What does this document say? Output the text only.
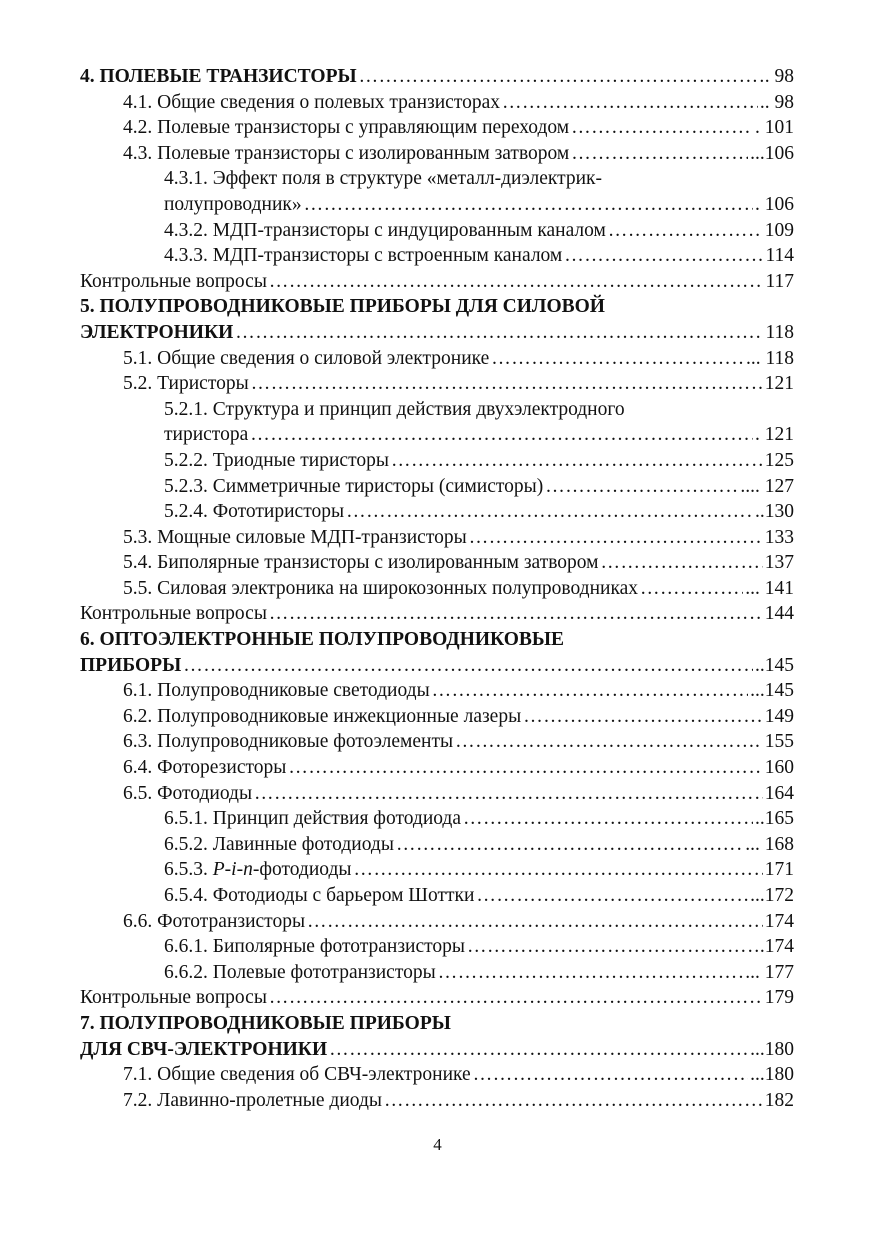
4. ПОЛЕВЫЕ ТРАНЗИСТОРЫ …………………………………………………………………………………………………………………………………………………………………………………………………………………………………………………………………	. 98
4.1. Общие сведения о полевых транзисторах …………………………………………………………………………………………………………………………………………………………………………………………………………………………………………………………………	.. 98
4.2. Полевые транзисторы с управляющим переходом …………………………………………………………………………………………………………………………………………………………………………………………………………………………………………………………………	. 101
4.3. Полевые транзисторы с изолированным затвором …………………………………………………………………………………………………………………………………………………………………………………………………………………………………………………………………	...106
4.3.1. Эффект поля в структуре «металл-диэлектрик-
полупроводник» …………………………………………………………………………………………………………………………………………………………………………………………………………………………………………………………………	. 106
4.3.2. МДП-транзисторы с индуцированным каналом …………………………………………………………………………………………………………………………………………………………………………………………………………………………………………………………………	109
4.3.3. МДП-транзисторы с встроенным каналом …………………………………………………………………………………………………………………………………………………………………………………………………………………………………………………………………	114
Контрольные вопросы …………………………………………………………………………………………………………………………………………………………………………………………………………………………………………………………………	117
5. ПОЛУПРОВОДНИКОВЫЕ ПРИБОРЫ ДЛЯ СИЛОВОЙ
ЭЛЕКТРОНИКИ …………………………………………………………………………………………………………………………………………………………………………………………………………………………………………………………………	. 118
5.1. Общие сведения о силовой электронике …………………………………………………………………………………………………………………………………………………………………………………………………………………………………………………………………	... 118
5.2. Тиристоры …………………………………………………………………………………………………………………………………………………………………………………………………………………………………………………………………	121
5.2.1. Структура и принцип действия двухэлектродного
тиристора …………………………………………………………………………………………………………………………………………………………………………………………………………………………………………………………………	. 121
5.2.2. Триодные тиристоры …………………………………………………………………………………………………………………………………………………………………………………………………………………………………………………………………	125
5.2.3. Симметричные тиристоры (симисторы) …………………………………………………………………………………………………………………………………………………………………………………………………………………………………………………………………	.... 127
5.2.4. Фототиристоры …………………………………………………………………………………………………………………………………………………………………………………………………………………………………………………………………	..130
5.3. Мощные силовые МДП-транзисторы …………………………………………………………………………………………………………………………………………………………………………………………………………………………………………………………………	133
5.4. Биполярные транзисторы с изолированным затвором …………………………………………………………………………………………………………………………………………………………………………………………………………………………………………………………………	137
5.5. Силовая электроника на широкозонных полупроводниках …………………………………………………………………………………………………………………………………………………………………………………………………………………………………………………………………	... 141
Контрольные вопросы …………………………………………………………………………………………………………………………………………………………………………………………………………………………………………………………………	144
6. ОПТОЭЛЕКТРОННЫЕ ПОЛУПРОВОДНИКОВЫЕ
ПРИБОРЫ …………………………………………………………………………………………………………………………………………………………………………………………………………………………………………………………………	..145
6.1. Полупроводниковые светодиоды …………………………………………………………………………………………………………………………………………………………………………………………………………………………………………………………………	...145
6.2. Полупроводниковые инжекционные лазеры …………………………………………………………………………………………………………………………………………………………………………………………………………………………………………………………………	149
6.3. Полупроводниковые фотоэлементы …………………………………………………………………………………………………………………………………………………………………………………………………………………………………………………………………	. 155
6.4. Фоторезисторы …………………………………………………………………………………………………………………………………………………………………………………………………………………………………………………………………	160
6.5. Фотодиоды …………………………………………………………………………………………………………………………………………………………………………………………………………………………………………………………………	164
6.5.1. Принцип действия фотодиода …………………………………………………………………………………………………………………………………………………………………………………………………………………………………………………………………	..165
6.5.2. Лавинные фотодиоды …………………………………………………………………………………………………………………………………………………………………………………………………………………………………………………………………	... 168
6.5.3. P-i-n-фотодиоды …………………………………………………………………………………………………………………………………………………………………………………………………………………………………………………………………	171
6.5.4. Фотодиоды с барьером Шоттки …………………………………………………………………………………………………………………………………………………………………………………………………………………………………………………………………	...172
6.6. Фототранзисторы …………………………………………………………………………………………………………………………………………………………………………………………………………………………………………………………………	174
6.6.1. Биполярные фототранзисторы …………………………………………………………………………………………………………………………………………………………………………………………………………………………………………………………………	.174
6.6.2. Полевые фототранзисторы …………………………………………………………………………………………………………………………………………………………………………………………………………………………………………………………………	... 177
Контрольные вопросы …………………………………………………………………………………………………………………………………………………………………………………………………………………………………………………………………	179
7. ПОЛУПРОВОДНИКОВЫЕ ПРИБОРЫ
ДЛЯ СВЧ-ЭЛЕКТРОНИКИ …………………………………………………………………………………………………………………………………………………………………………………………………………………………………………………………………	...180
7.1. Общие сведения об СВЧ-электронике …………………………………………………………………………………………………………………………………………………………………………………………………………………………………………………………………	...180
7.2. Лавинно-пролетные диоды …………………………………………………………………………………………………………………………………………………………………………………………………………………………………………………………………	182
4
